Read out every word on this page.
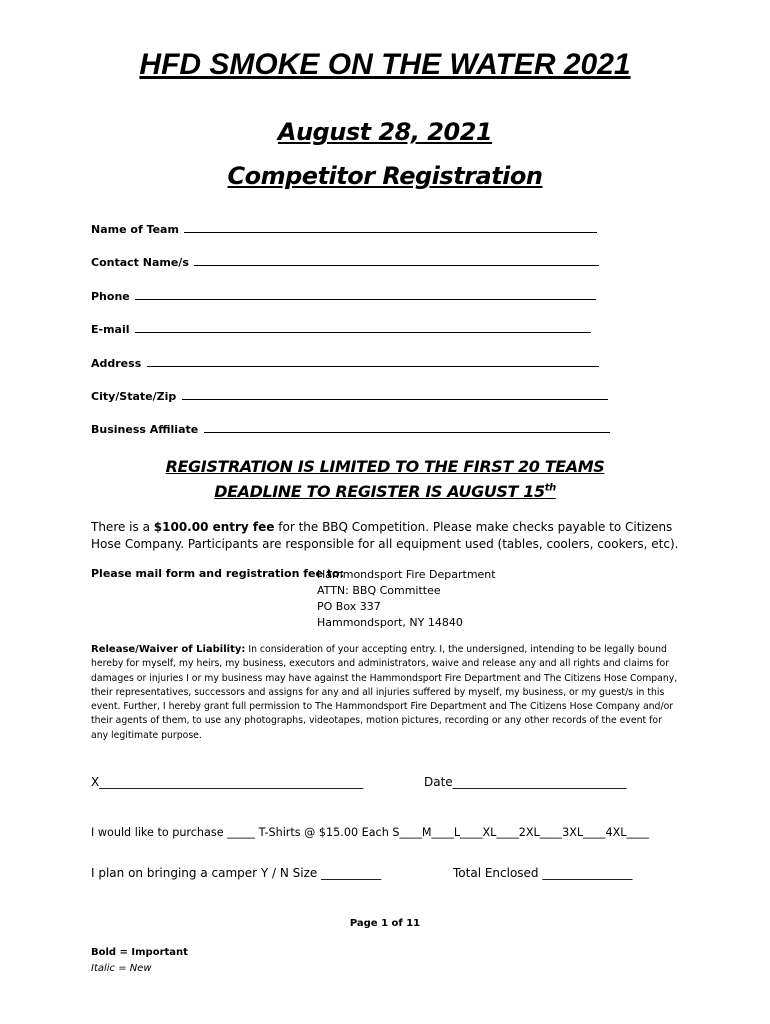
HFD SMOKE ON THE WATER 2021
August 28, 2021
Competitor Registration
Name of Team
Contact Name/s
Phone
E-mail
Address
City/State/Zip
Business Affiliate
REGISTRATION IS LIMITED TO THE FIRST 20 TEAMS
DEADLINE TO REGISTER IS AUGUST 15th
There is a $100.00 entry fee for the BBQ Competition. Please make checks payable to Citizens Hose Company. Participants are responsible for all equipment used (tables, coolers, cookers, etc).
Please mail form and registration fee to:
Hammondsport Fire Department
ATTN: BBQ Committee
PO Box 337
Hammondsport, NY 14840
Release/Waiver of Liability: In consideration of your accepting entry. I, the undersigned, intending to be legally bound hereby for myself, my heirs, my business, executors and administrators, waive and release any and all rights and claims for damages or injuries I or my business may have against the Hammondsport Fire Department and The Citizens Hose Company, their representatives, successors and assigns for any and all injuries suffered by myself, my business, or my guest/s in this event. Further, I hereby grant full permission to The Hammondsport Fire Department and The Citizens Hose Company and/or their agents of them, to use any photographs, videotapes, motion pictures, recording or any other records of the event for any legitimate purpose.
X____________________________________________	Date_____________________________
I would like to purchase _____ T-Shirts @ $15.00 Each S____M____L____XL____2XL____3XL____4XL____
I plan on bringing a camper Y / N Size __________	Total Enclosed _______________
Page 1 of 11
Bold = Important
Italic = New
